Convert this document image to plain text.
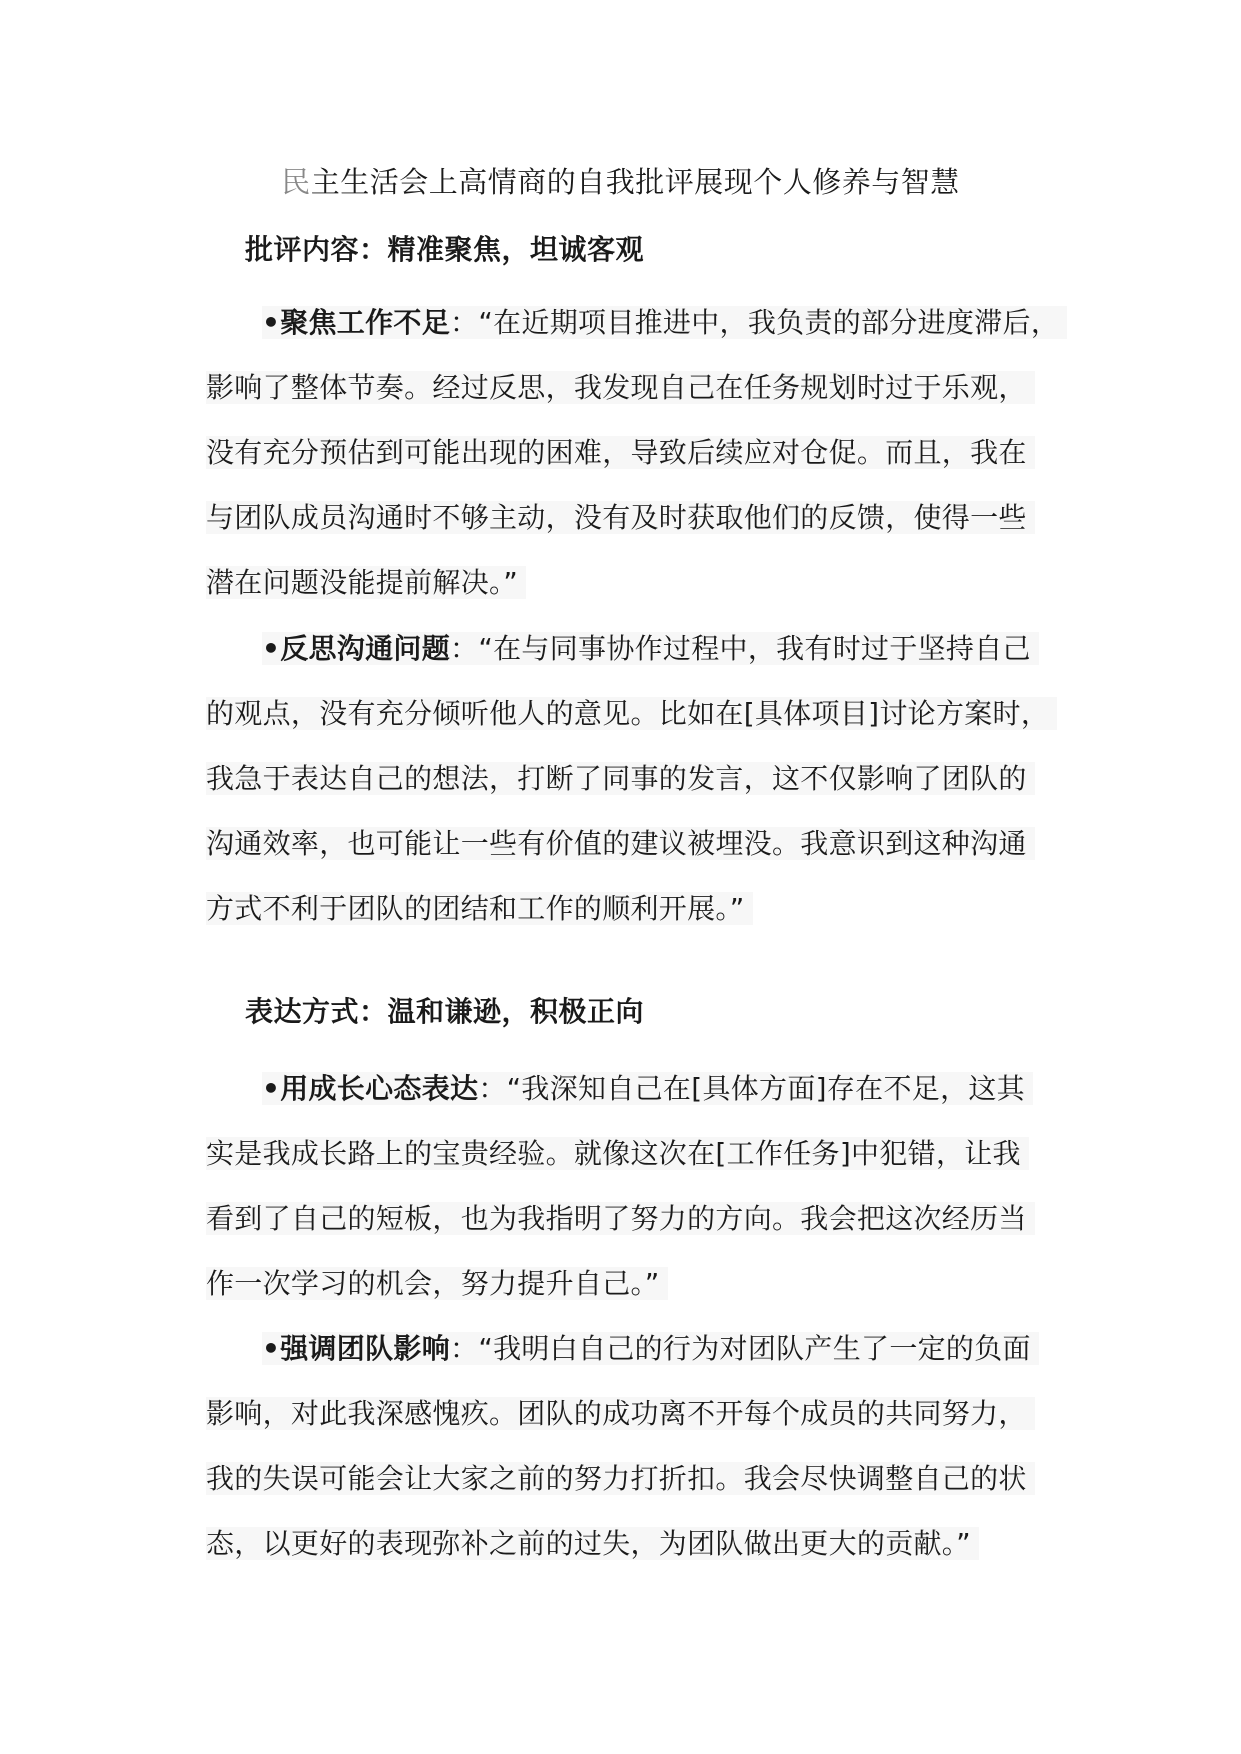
民主生活会上高情商的自我批评展现个人修养与智慧
批评内容：精准聚焦，坦诚客观
•聚焦工作不足：“在近期项目推进中，我负责的部分进度滞后，
影响了整体节奏。经过反思，我发现自己在任务规划时过于乐观，
没有充分预估到可能出现的困难，导致后续应对仓促。而且，我在
与团队成员沟通时不够主动，没有及时获取他们的反馈，使得一些
潜在问题没能提前解决。”
•反思沟通问题：“在与同事协作过程中，我有时过于坚持自己
的观点，没有充分倾听他人的意见。比如在[具体项目]讨论方案时，
我急于表达自己的想法，打断了同事的发言，这不仅影响了团队的
沟通效率，也可能让一些有价值的建议被埋没。我意识到这种沟通
方式不利于团队的团结和工作的顺利开展。”
表达方式：温和谦逊，积极正向
•用成长心态表达：“我深知自己在[具体方面]存在不足，这其
实是我成长路上的宝贵经验。就像这次在[工作任务]中犯错，让我
看到了自己的短板，也为我指明了努力的方向。我会把这次经历当
作一次学习的机会，努力提升自己。”
•强调团队影响：“我明白自己的行为对团队产生了一定的负面
影响，对此我深感愧疚。团队的成功离不开每个成员的共同努力，
我的失误可能会让大家之前的努力打折扣。我会尽快调整自己的状
态，以更好的表现弥补之前的过失，为团队做出更大的贡献。”
